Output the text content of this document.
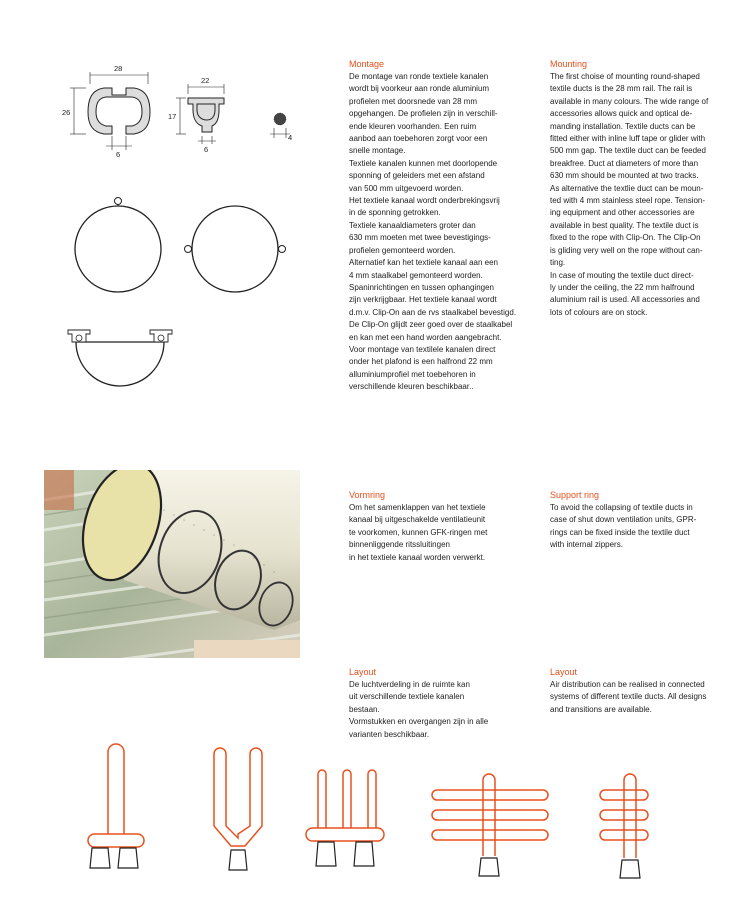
28
26
6
22
17
6
4
Montage

De montage van ronde textiele kanalen

wordt bij voorkeur aan ronde aluminium

profielen met doorsnede van 28 mm

opgehangen. De profielen zijn in verschill-

ende kleuren voorhanden. Een ruim

aanbod aan toebehoren zorgt voor een

snelle montage.

Textiele kanalen kunnen met doorlopende

sponning of geleiders met een afstand

van 500 mm uitgevoerd worden.

Het textiele kanaal wordt onderbrekingsvrij

in de sponning getrokken.

Textiele kanaaldiameters groter dan

630 mm moeten met twee bevestigings-

profielen gemonteerd worden.

Alternatief kan het textiele kanaal aan een

4 mm staalkabel gemonteerd worden.

Spaninrichtingen en tussen ophangingen

zijn verkrijgbaar. Het textiele kanaal wordt

d.m.v. Clip-On aan de rvs staalkabel bevestigd.

De Clip-On glijdt zeer goed over de staalkabel

en kan met een hand worden aangebracht.

Voor montage van textilele kanalen direct

onder het plafond is een halfrond 22 mm

alluminiumprofiel met toebehoren in

verschillende kleuren beschikbaar..

Mounting

The first choise of mounting round-shaped

textile ducts is the 28 mm rail. The rail is

available in many colours. The wide range of

accessories allows quick and optical de-

manding installation. Textile ducts can be

fitted either with inline luff tape or glider with

500 mm gap. The textile duct can be feeded

breakfree. Duct at diameters of more than

630 mm should be mounted at two tracks.

As alternative the textlie duct can be moun-

ted with 4 mm stainless steel rope. Tension-

ing equipment and other accessories are

available in best quality. The textile duct is

fixed to the rope with Clip-On. The Clip-On

is gliding very well on the rope without can-

ting.

In case of mouting the textile duct direct-

ly under the ceiling, the 22 mm halfround

aluminium rail is used. All accessories and

lots of colours are on stock.

Vormring

Om het samenklappen van het textiele

kanaal bij uitgeschakelde ventilatieunit

te voorkomen, kunnen GFK-ringen met

binnenliggende ritssluitingen

in het textiele kanaal worden verwerkt.

Support ring

To avoid the collapsing of textile ducts in

case of shut down ventilation units, GPR-

rings can be fixed inside the textile duct

with internal zippers.

Layout

De luchtverdeling in de ruimte kan

uit verschillende textiele kanalen

bestaan.

Vormstukken en overgangen zijn in alle

varianten beschikbaar.

Layout

Air distribution can be realised in connected

systems of different textile ducts. All designs

and transitions are available.
